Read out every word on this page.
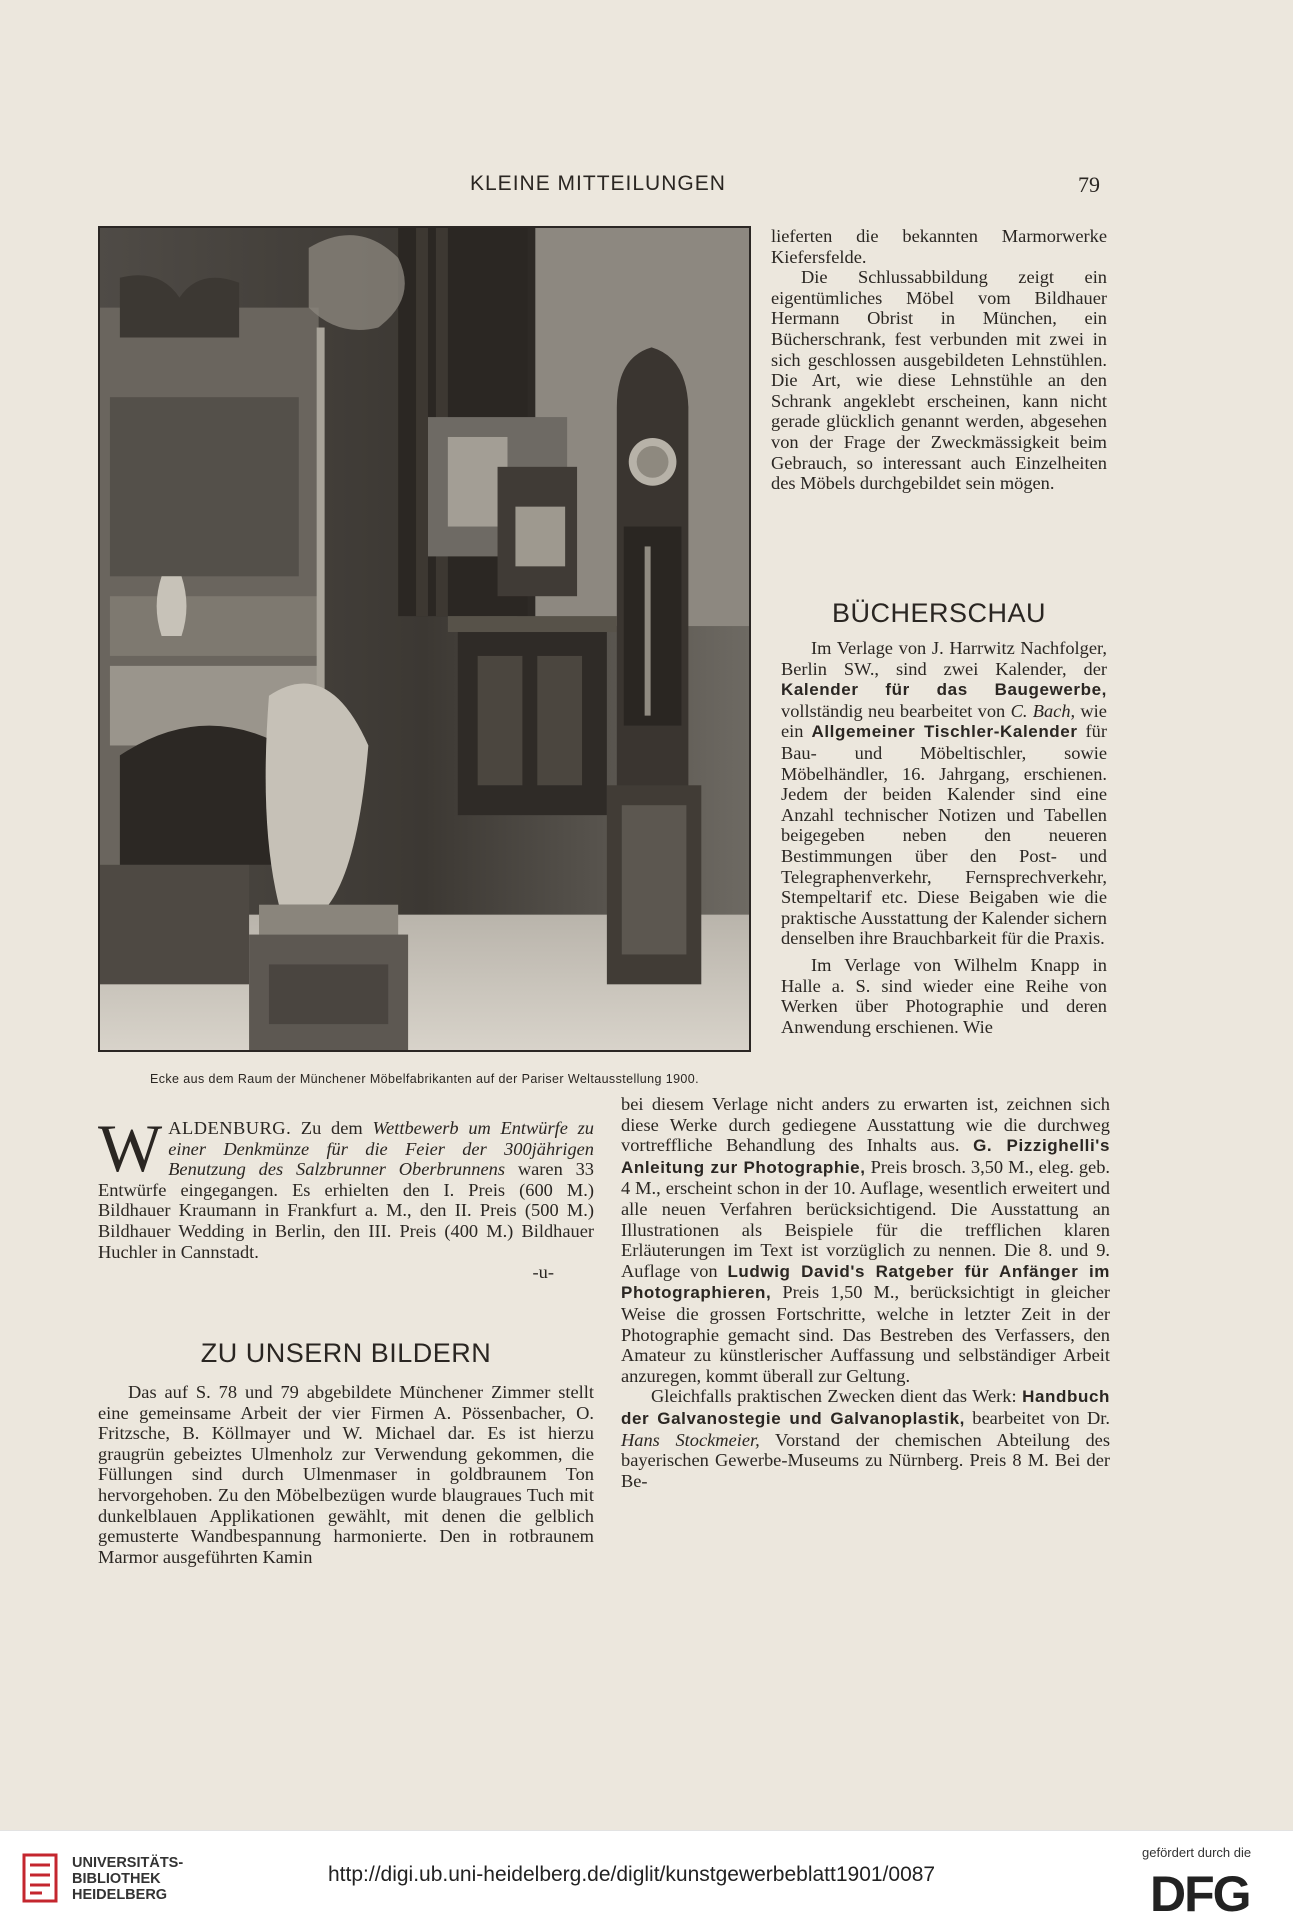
KLEINE MITTEILUNGEN	79
Ecke aus dem Raum der Münchener Möbelfabrikanten auf der Pariser Weltausstellung 1900.

lieferten die bekannten Marmorwerke Kiefersfelde.

Die Schlussabbildung zeigt ein eigentümliches Möbel vom Bildhauer Hermann Obrist in München, ein Bücherschrank, fest verbunden mit zwei in sich geschlossen ausgebildeten Lehnstühlen. Die Art, wie diese Lehnstühle an den Schrank angeklebt erscheinen, kann nicht gerade glücklich genannt werden, abgesehen von der Frage der Zweckmässigkeit beim Gebrauch, so interessant auch Einzelheiten des Möbels durchgebildet sein mögen.

BÜCHERSCHAU

Im Verlage von J. Harrwitz Nachfolger, Berlin SW., sind zwei Kalender, der Kalender für das Baugewerbe, vollständig neu bearbeitet von C. Bach, wie ein Allgemeiner Tischler-Kalender für Bau- und Möbeltischler, sowie Möbelhändler, 16. Jahrgang, erschienen. Jedem der beiden Kalender sind eine Anzahl technischer Notizen und Tabellen beigegeben neben den neueren Bestimmungen über den Post- und Telegraphenverkehr, Fernsprechverkehr, Stempeltarif etc. Diese Beigaben wie die praktische Ausstattung der Kalender sichern denselben ihre Brauchbarkeit für die Praxis.

Im Verlage von Wilhelm Knapp in Halle a. S. sind wieder eine Reihe von Werken über Photographie und deren Anwendung erschienen. Wie

W ALDENBURG. Zu dem Wettbewerb um Entwürfe zu einer Denkmünze für die Feier der 300jährigen Benutzung des Salzbrunner Oberbrunnens waren 33 Entwürfe eingegangen. Es erhielten den I. Preis (600 M.) Bildhauer Kraumann in Frankfurt a. M., den II. Preis (500 M.) Bildhauer Wedding in Berlin, den III. Preis (400 M.) Bildhauer Huchler in Cannstadt.

-u-

ZU UNSERN BILDERN

Das auf S. 78 und 79 abgebildete Münchener Zimmer stellt eine gemeinsame Arbeit der vier Firmen A. Pössenbacher, O. Fritzsche, B. Köllmayer und W. Michael dar. Es ist hierzu graugrün gebeiztes Ulmenholz zur Verwendung gekommen, die Füllungen sind durch Ulmenmaser in goldbraunem Ton hervorgehoben. Zu den Möbelbezügen wurde blaugraues Tuch mit dunkelblauen Applikationen gewählt, mit denen die gelblich gemusterte Wandbespannung harmonierte. Den in rotbraunem Marmor ausgeführten Kamin

bei diesem Verlage nicht anders zu erwarten ist, zeichnen sich diese Werke durch gediegene Ausstattung wie die durchweg vortreffliche Behandlung des Inhalts aus. G. Pizzighelli's Anleitung zur Photographie, Preis brosch. 3,50 M., eleg. geb. 4 M., erscheint schon in der 10. Auflage, wesentlich erweitert und alle neuen Verfahren berücksichtigend. Die Ausstattung an Illustrationen als Beispiele für die trefflichen klaren Erläuterungen im Text ist vorzüglich zu nennen. Die 8. und 9. Auflage von Ludwig David's Ratgeber für Anfänger im Photographieren, Preis 1,50 M., berücksichtigt in gleicher Weise die grossen Fortschritte, welche in letzter Zeit in der Photographie gemacht sind. Das Bestreben des Verfassers, den Amateur zu künstlerischer Auffassung und selbständiger Arbeit anzuregen, kommt überall zur Geltung.

Gleichfalls praktischen Zwecken dient das Werk: Handbuch der Galvanostegie und Galvanoplastik, bearbeitet von Dr. Hans Stockmeier, Vorstand der chemischen Abteilung des bayerischen Gewerbe-Museums zu Nürnberg. Preis 8 M. Bei der Be-

UNIVERSITÄTS-
BIBLIOTHEK
HEIDELBERG
http://digi.ub.uni-heidelberg.de/diglit/kunstgewerbeblatt1901/0087
gefördert durch die
DFG
